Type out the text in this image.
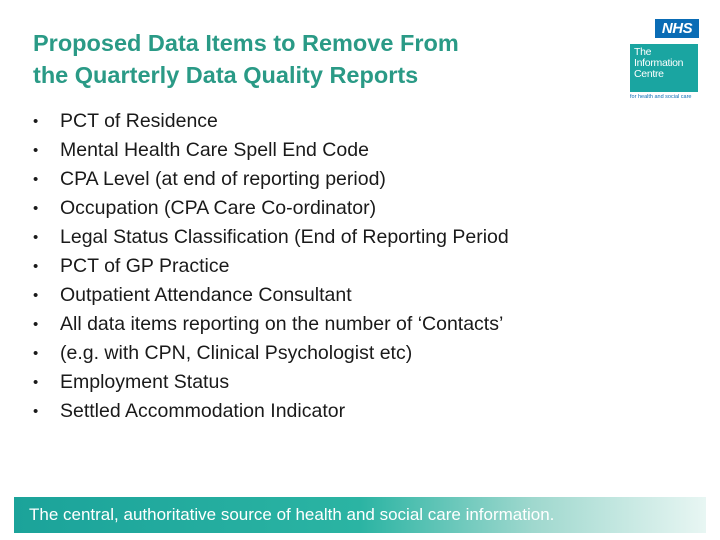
Proposed Data Items to Remove From
the Quarterly Data Quality Reports
• PCT of Residence
• Mental Health Care Spell End Code
• CPA Level (at end of reporting period)
• Occupation (CPA Care Co-ordinator)
• Legal Status Classification (End of Reporting Period
• PCT of GP Practice
• Outpatient Attendance Consultant
• All data items reporting on the number of ‘Contacts’
• (e.g. with CPN, Clinical Psychologist etc)
• Employment Status
• Settled Accommodation Indicator
NHS
The
Information
Centre
for health and social care
The central, authoritative source of health and social care information.
